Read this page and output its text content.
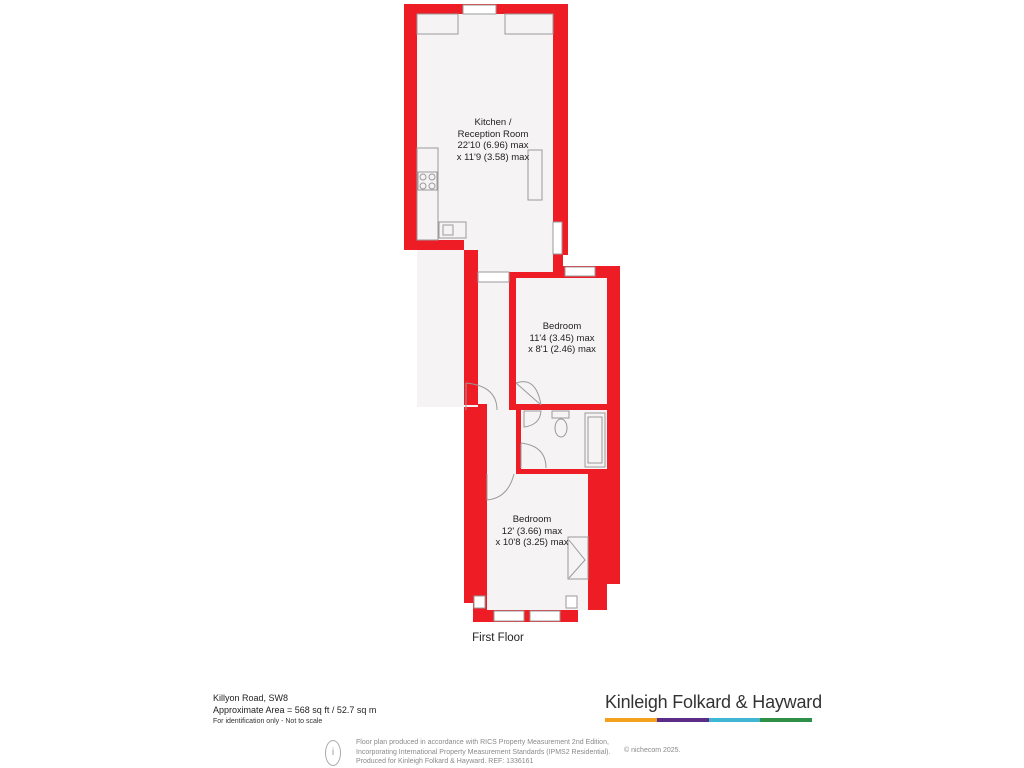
Kitchen /
Reception Room
22'10 (6.96) max
x 11'9 (3.58) max
Bedroom
11'4 (3.45) max
x 8'1 (2.46) max
Bedroom
12' (3.66) max
x 10'8 (3.25) max
First Floor
Killyon Road, SW8
Approximate Area = 568 sq ft / 52.7 sq m
For identification only - Not to scale
Kinleigh Folkard & Hayward
i
Floor plan produced in accordance with RICS Property Measurement 2nd Edition,
Incorporating International Property Measurement Standards (IPMS2 Residential).
Produced for Kinleigh Folkard & Hayward. REF: 1336161
© nichecom 2025.
